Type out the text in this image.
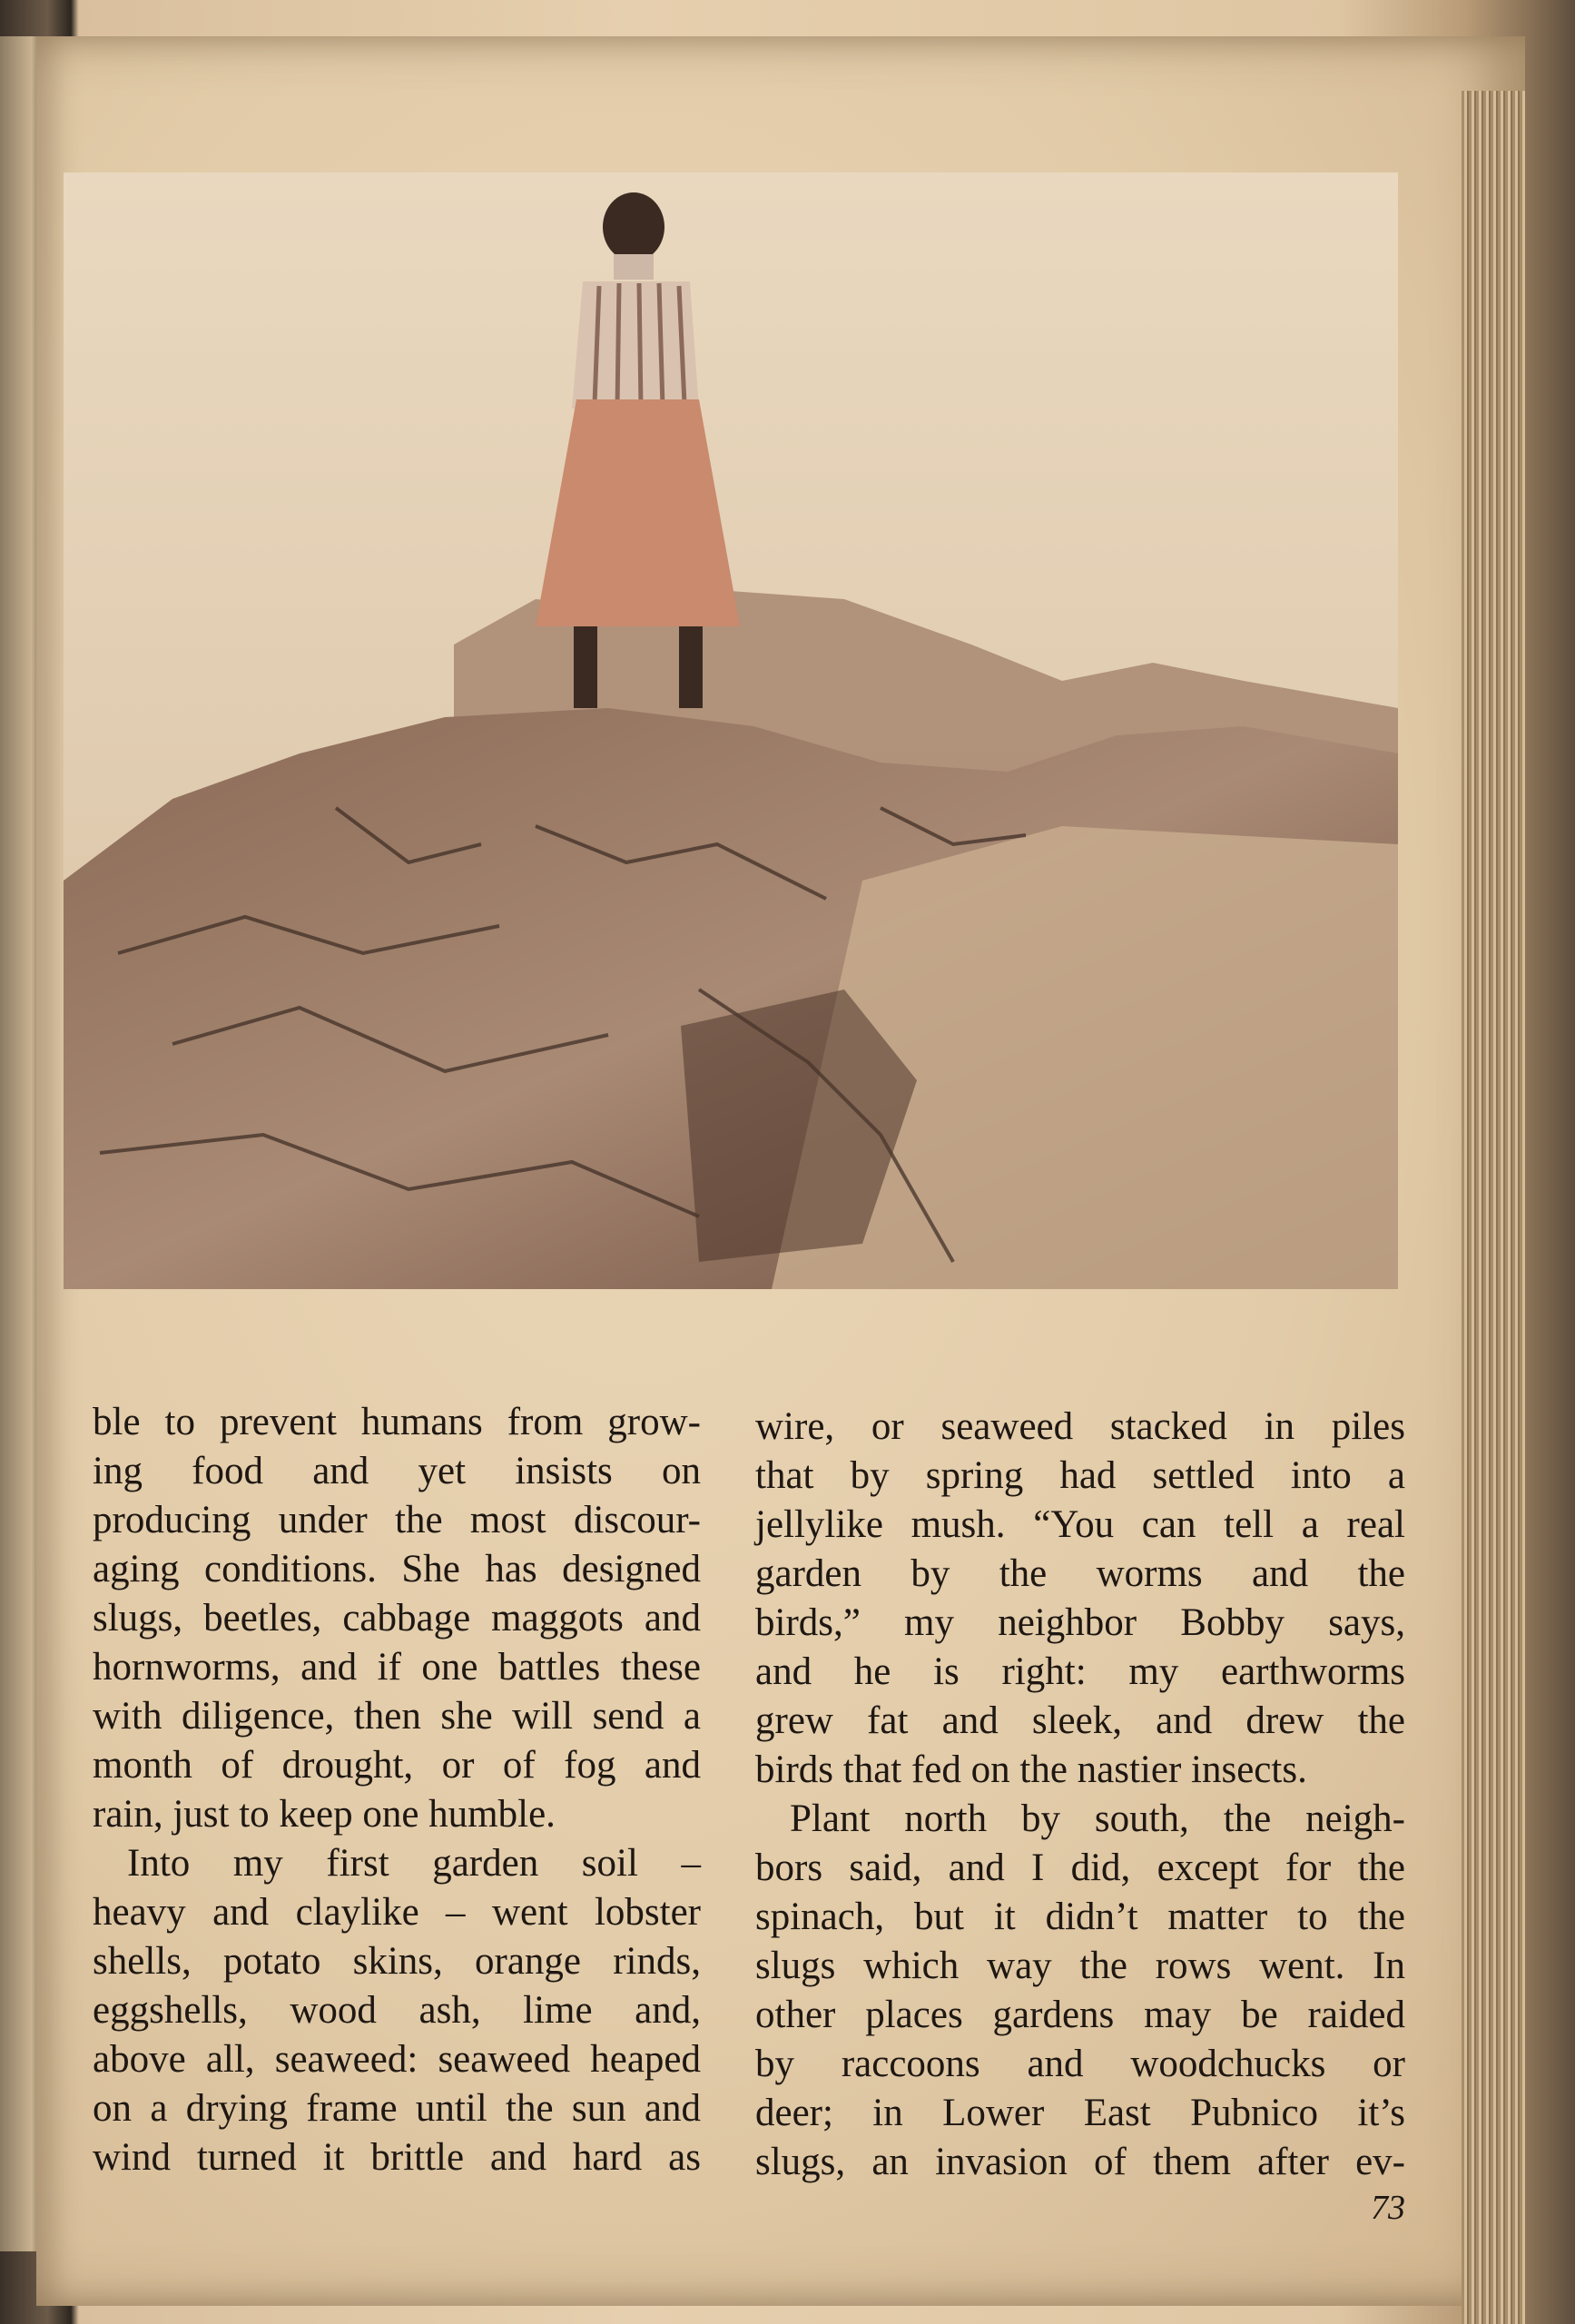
ble to prevent humans from grow-
ing food and yet insists on
producing under the most discour-
aging conditions. She has designed
slugs, beetles, cabbage maggots and
hornworms, and if one battles these
with diligence, then she will send a
month of drought, or of fog and
rain, just to keep one humble.
Into my first garden soil –
heavy and claylike – went lobster
shells, potato skins, orange rinds,
eggshells, wood ash, lime and,
above all, seaweed: seaweed heaped
on a drying frame until the sun and
wind turned it brittle and hard as
wire, or seaweed stacked in piles
that by spring had settled into a
jellylike mush. “You can tell a real
garden by the worms and the
birds,” my neighbor Bobby says,
and he is right: my earthworms
grew fat and sleek, and drew the
birds that fed on the nastier insects.
Plant north by south, the neigh-
bors said, and I did, except for the
spinach, but it didn’t matter to the
slugs which way the rows went. In
other places gardens may be raided
by raccoons and woodchucks or
deer; in Lower East Pubnico it’s
slugs, an invasion of them after ev-
73
